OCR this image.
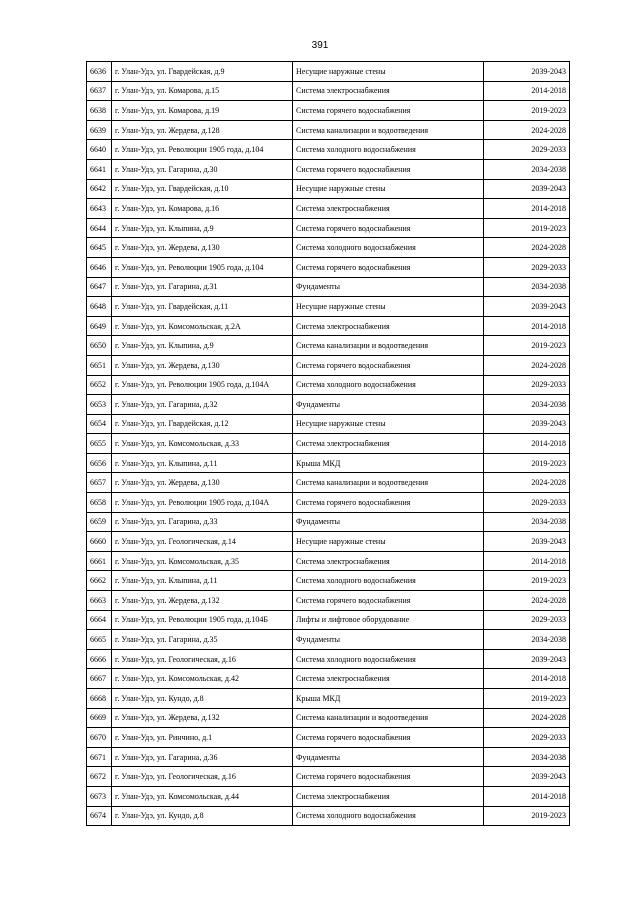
391
6636	г. Улан-Удэ, ул. Гвардейская, д.9	Несущие наружные стены	2039-2043
6637	г. Улан-Удэ, ул. Комарова, д.15	Система электроснабжения	2014-2018
6638	г. Улан-Удэ, ул. Комарова, д.19	Система горячего водоснабжения	2019-2023
6639	г. Улан-Удэ, ул. Жердева, д.128	Система канализации и водоотведения	2024-2028
6640	г. Улан-Удэ, ул. Революции 1905 года, д.104	Система холодного водоснабжения	2029-2033
6641	г. Улан-Удэ, ул. Гагарина, д.30	Система горячего водоснабжения	2034-2038
6642	г. Улан-Удэ, ул. Гвардейская, д.10	Несущие наружные стены	2039-2043
6643	г. Улан-Удэ, ул. Комарова, д.16	Система электроснабжения	2014-2018
6644	г. Улан-Удэ, ул. Клыпина, д.9	Система горячего водоснабжения	2019-2023
6645	г. Улан-Удэ, ул. Жердева, д.130	Система холодного водоснабжения	2024-2028
6646	г. Улан-Удэ, ул. Революции 1905 года, д.104	Система горячего водоснабжения	2029-2033
6647	г. Улан-Удэ, ул. Гагарина, д.31	Фундаменты	2034-2038
6648	г. Улан-Удэ, ул. Гвардейская, д.11	Несущие наружные стены	2039-2043
6649	г. Улан-Удэ, ул. Комсомольская, д.2А	Система электроснабжения	2014-2018
6650	г. Улан-Удэ, ул. Клыпина, д.9	Система канализации и водоотведения	2019-2023
6651	г. Улан-Удэ, ул. Жердева, д.130	Система горячего водоснабжения	2024-2028
6652	г. Улан-Удэ, ул. Революции 1905 года, д.104А	Система холодного водоснабжения	2029-2033
6653	г. Улан-Удэ, ул. Гагарина, д.32	Фундаменты	2034-2038
6654	г. Улан-Удэ, ул. Гвардейская, д.12	Несущие наружные стены	2039-2043
6655	г. Улан-Удэ, ул. Комсомольская, д.33	Система электроснабжения	2014-2018
6656	г. Улан-Удэ, ул. Клыпина, д.11	Крыша МКД	2019-2023
6657	г. Улан-Удэ, ул. Жердева, д.130	Система канализации и водоотведения	2024-2028
6658	г. Улан-Удэ, ул. Революции 1905 года, д.104А	Система горячего водоснабжения	2029-2033
6659	г. Улан-Удэ, ул. Гагарина, д.33	Фундаменты	2034-2038
6660	г. Улан-Удэ, ул. Геологическая, д.14	Несущие наружные стены	2039-2043
6661	г. Улан-Удэ, ул. Комсомольская, д.35	Система электроснабжения	2014-2018
6662	г. Улан-Удэ, ул. Клыпина, д.11	Система холодного водоснабжения	2019-2023
6663	г. Улан-Удэ, ул. Жердева, д.132	Система горячего водоснабжения	2024-2028
6664	г. Улан-Удэ, ул. Революции 1905 года, д.104Б	Лифты и лифтовое оборудование	2029-2033
6665	г. Улан-Удэ, ул. Гагарина, д.35	Фундаменты	2034-2038
6666	г. Улан-Удэ, ул. Геологическая, д.16	Система холодного водоснабжения	2039-2043
6667	г. Улан-Удэ, ул. Комсомольская, д.42	Система электроснабжения	2014-2018
6668	г. Улан-Удэ, ул. Кундо, д.8	Крыша МКД	2019-2023
6669	г. Улан-Удэ, ул. Жердева, д.132	Система канализации и водоотведения	2024-2028
6670	г. Улан-Удэ, ул. Ринчино, д.1	Система горячего водоснабжения	2029-2033
6671	г. Улан-Удэ, ул. Гагарина, д.36	Фундаменты	2034-2038
6672	г. Улан-Удэ, ул. Геологическая, д.16	Система горячего водоснабжения	2039-2043
6673	г. Улан-Удэ, ул. Комсомольская, д.44	Система электроснабжения	2014-2018
6674	г. Улан-Удэ, ул. Кундо, д.8	Система холодного водоснабжения	2019-2023
